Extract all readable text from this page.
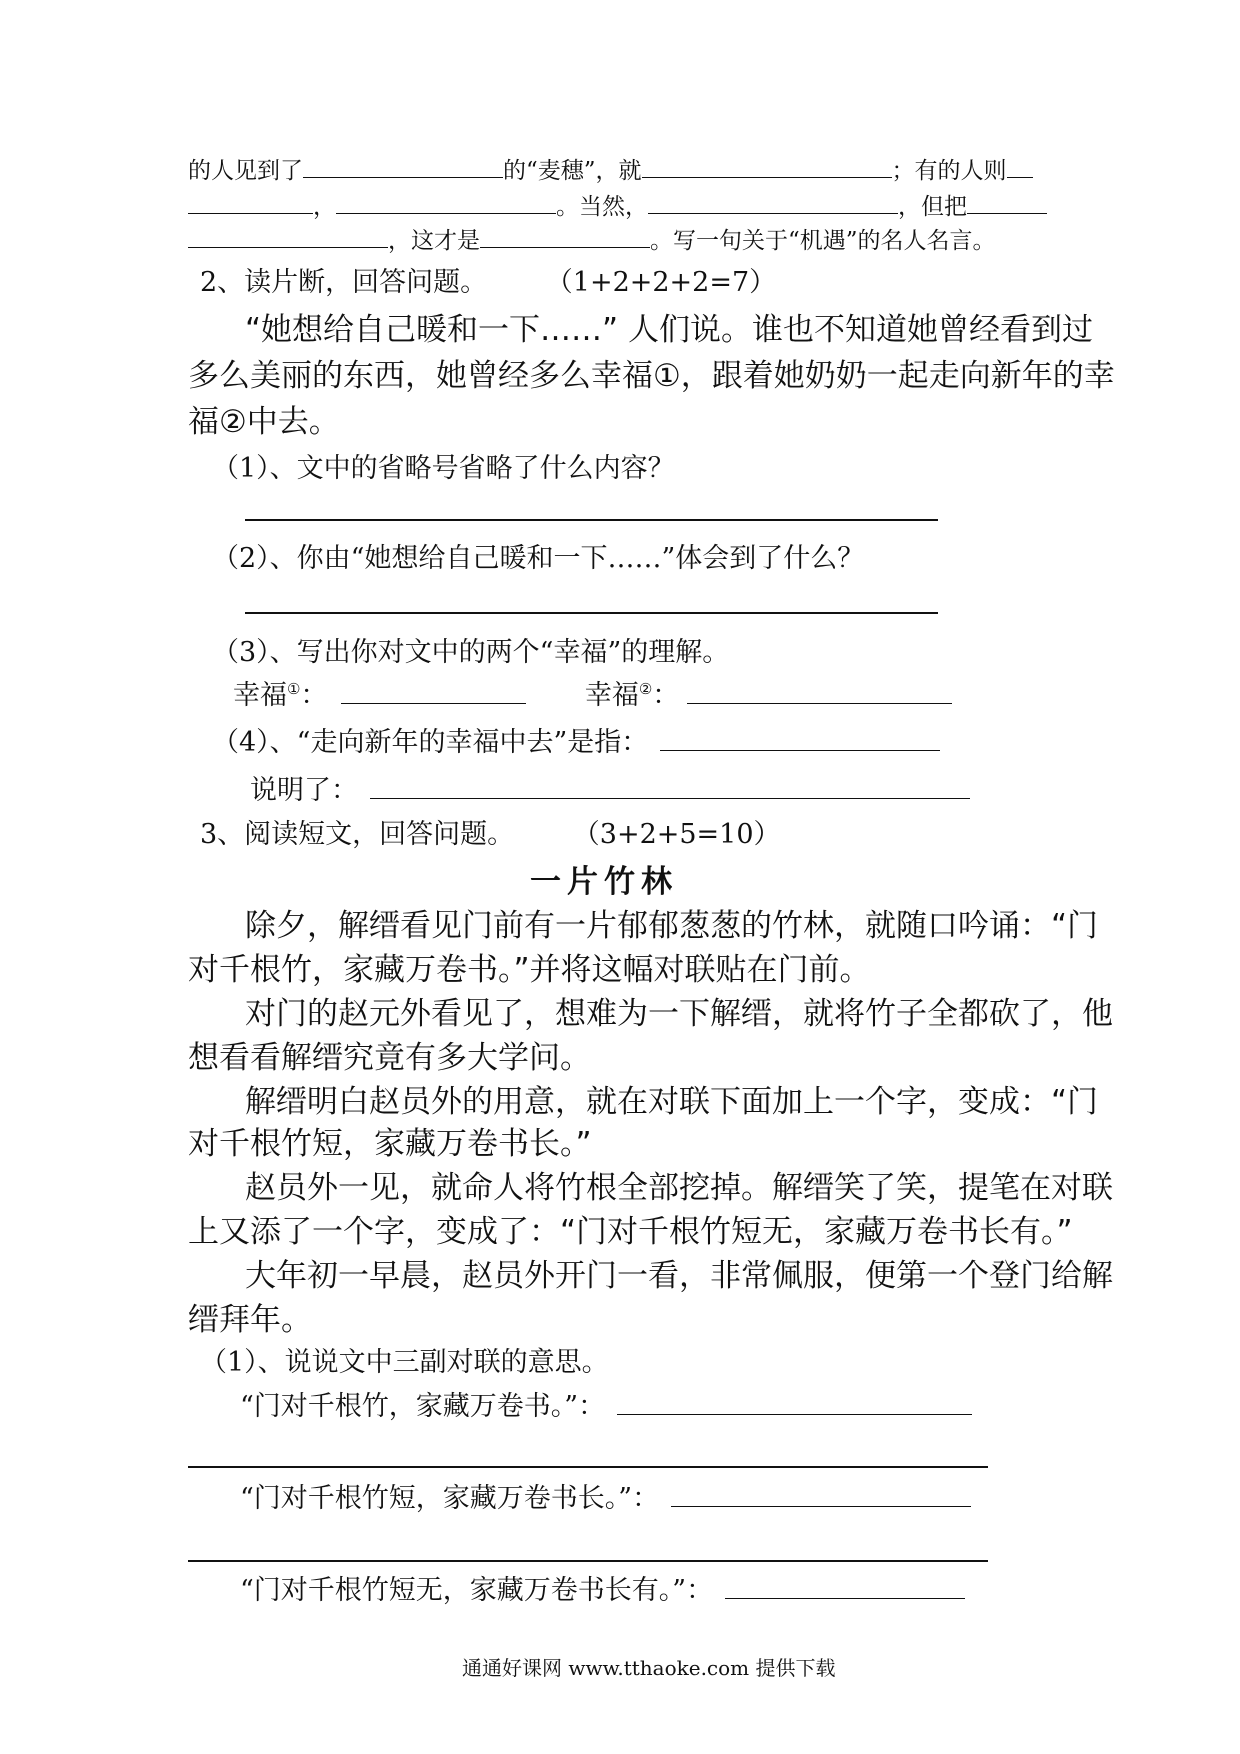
的人见到了	的“麦穗”，就	；有的人则
，	。当然，	，但把
，这才是	。写一句关于“机遇”的名人名言。
2、读片断，回答问题。 （1+2+2+2=7）
“她想给自己暖和一下……” 人们说。谁也不知道她曾经看到过
多么美丽的东西，她曾经多么幸福①，跟着她奶奶一起走向新年的幸
福②中去。
（1）、文中的省略号省略了什么内容？
（2）、你由“她想给自己暖和一下……”体会到了什么？
（3）、写出你对文中的两个“幸福”的理解。
幸福①：	幸福②：
（4）、“走向新年的幸福中去”是指：
说明了：
3、阅读短文，回答问题。 （3+2+5=10）
一片竹林
除夕，解缙看见门前有一片郁郁葱葱的竹林，就随口吟诵：“门
对千根竹，家藏万卷书。”并将这幅对联贴在门前。
对门的赵元外看见了，想难为一下解缙，就将竹子全都砍了，他
想看看解缙究竟有多大学问。
解缙明白赵员外的用意，就在对联下面加上一个字，变成：“门
对千根竹短，家藏万卷书长。”
赵员外一见，就命人将竹根全部挖掉。解缙笑了笑，提笔在对联
上又添了一个字，变成了：“门对千根竹短无，家藏万卷书长有。”
大年初一早晨，赵员外开门一看，非常佩服，便第一个登门给解
缙拜年。
（1）、说说文中三副对联的意思。
“门对千根竹，家藏万卷书。”：
“门对千根竹短，家藏万卷书长。”：
“门对千根竹短无，家藏万卷书长有。”：
通通好课网 www.tthaoke.com 提供下载
